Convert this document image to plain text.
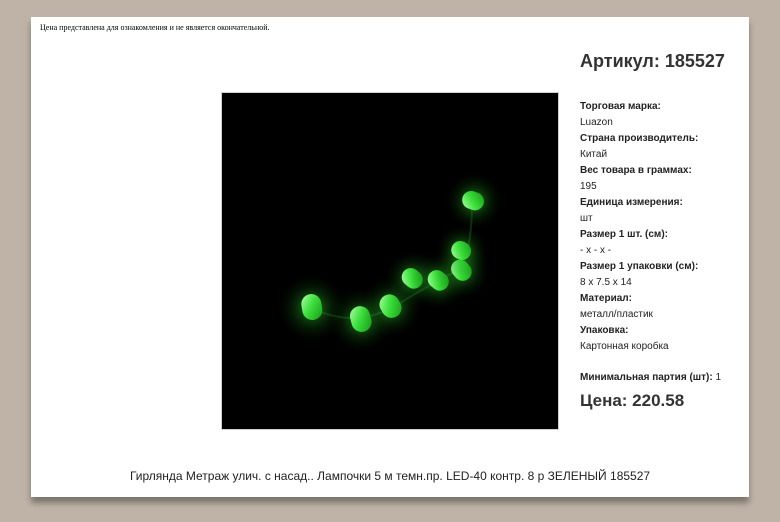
Цена представлена для ознакомления и не является окончательной.
Артикул: 185527
Торговая марка:
Luazon
Страна производитель:
Китай
Вес товара в граммах:
195
Единица измерения:
шт
Размер 1 шт. (см):
- x - x -
Размер 1 упаковки (см):
8 x 7.5 x 14
Материал:
металл/пластик
Упаковка:
Картонная коробка
Минимальная партия (шт): 1
Цена: 220.58
Гирлянда Метраж улич. с насад.. Лампочки 5 м темн.пр. LED-40 контр. 8 р ЗЕЛЕНЫЙ 185527
